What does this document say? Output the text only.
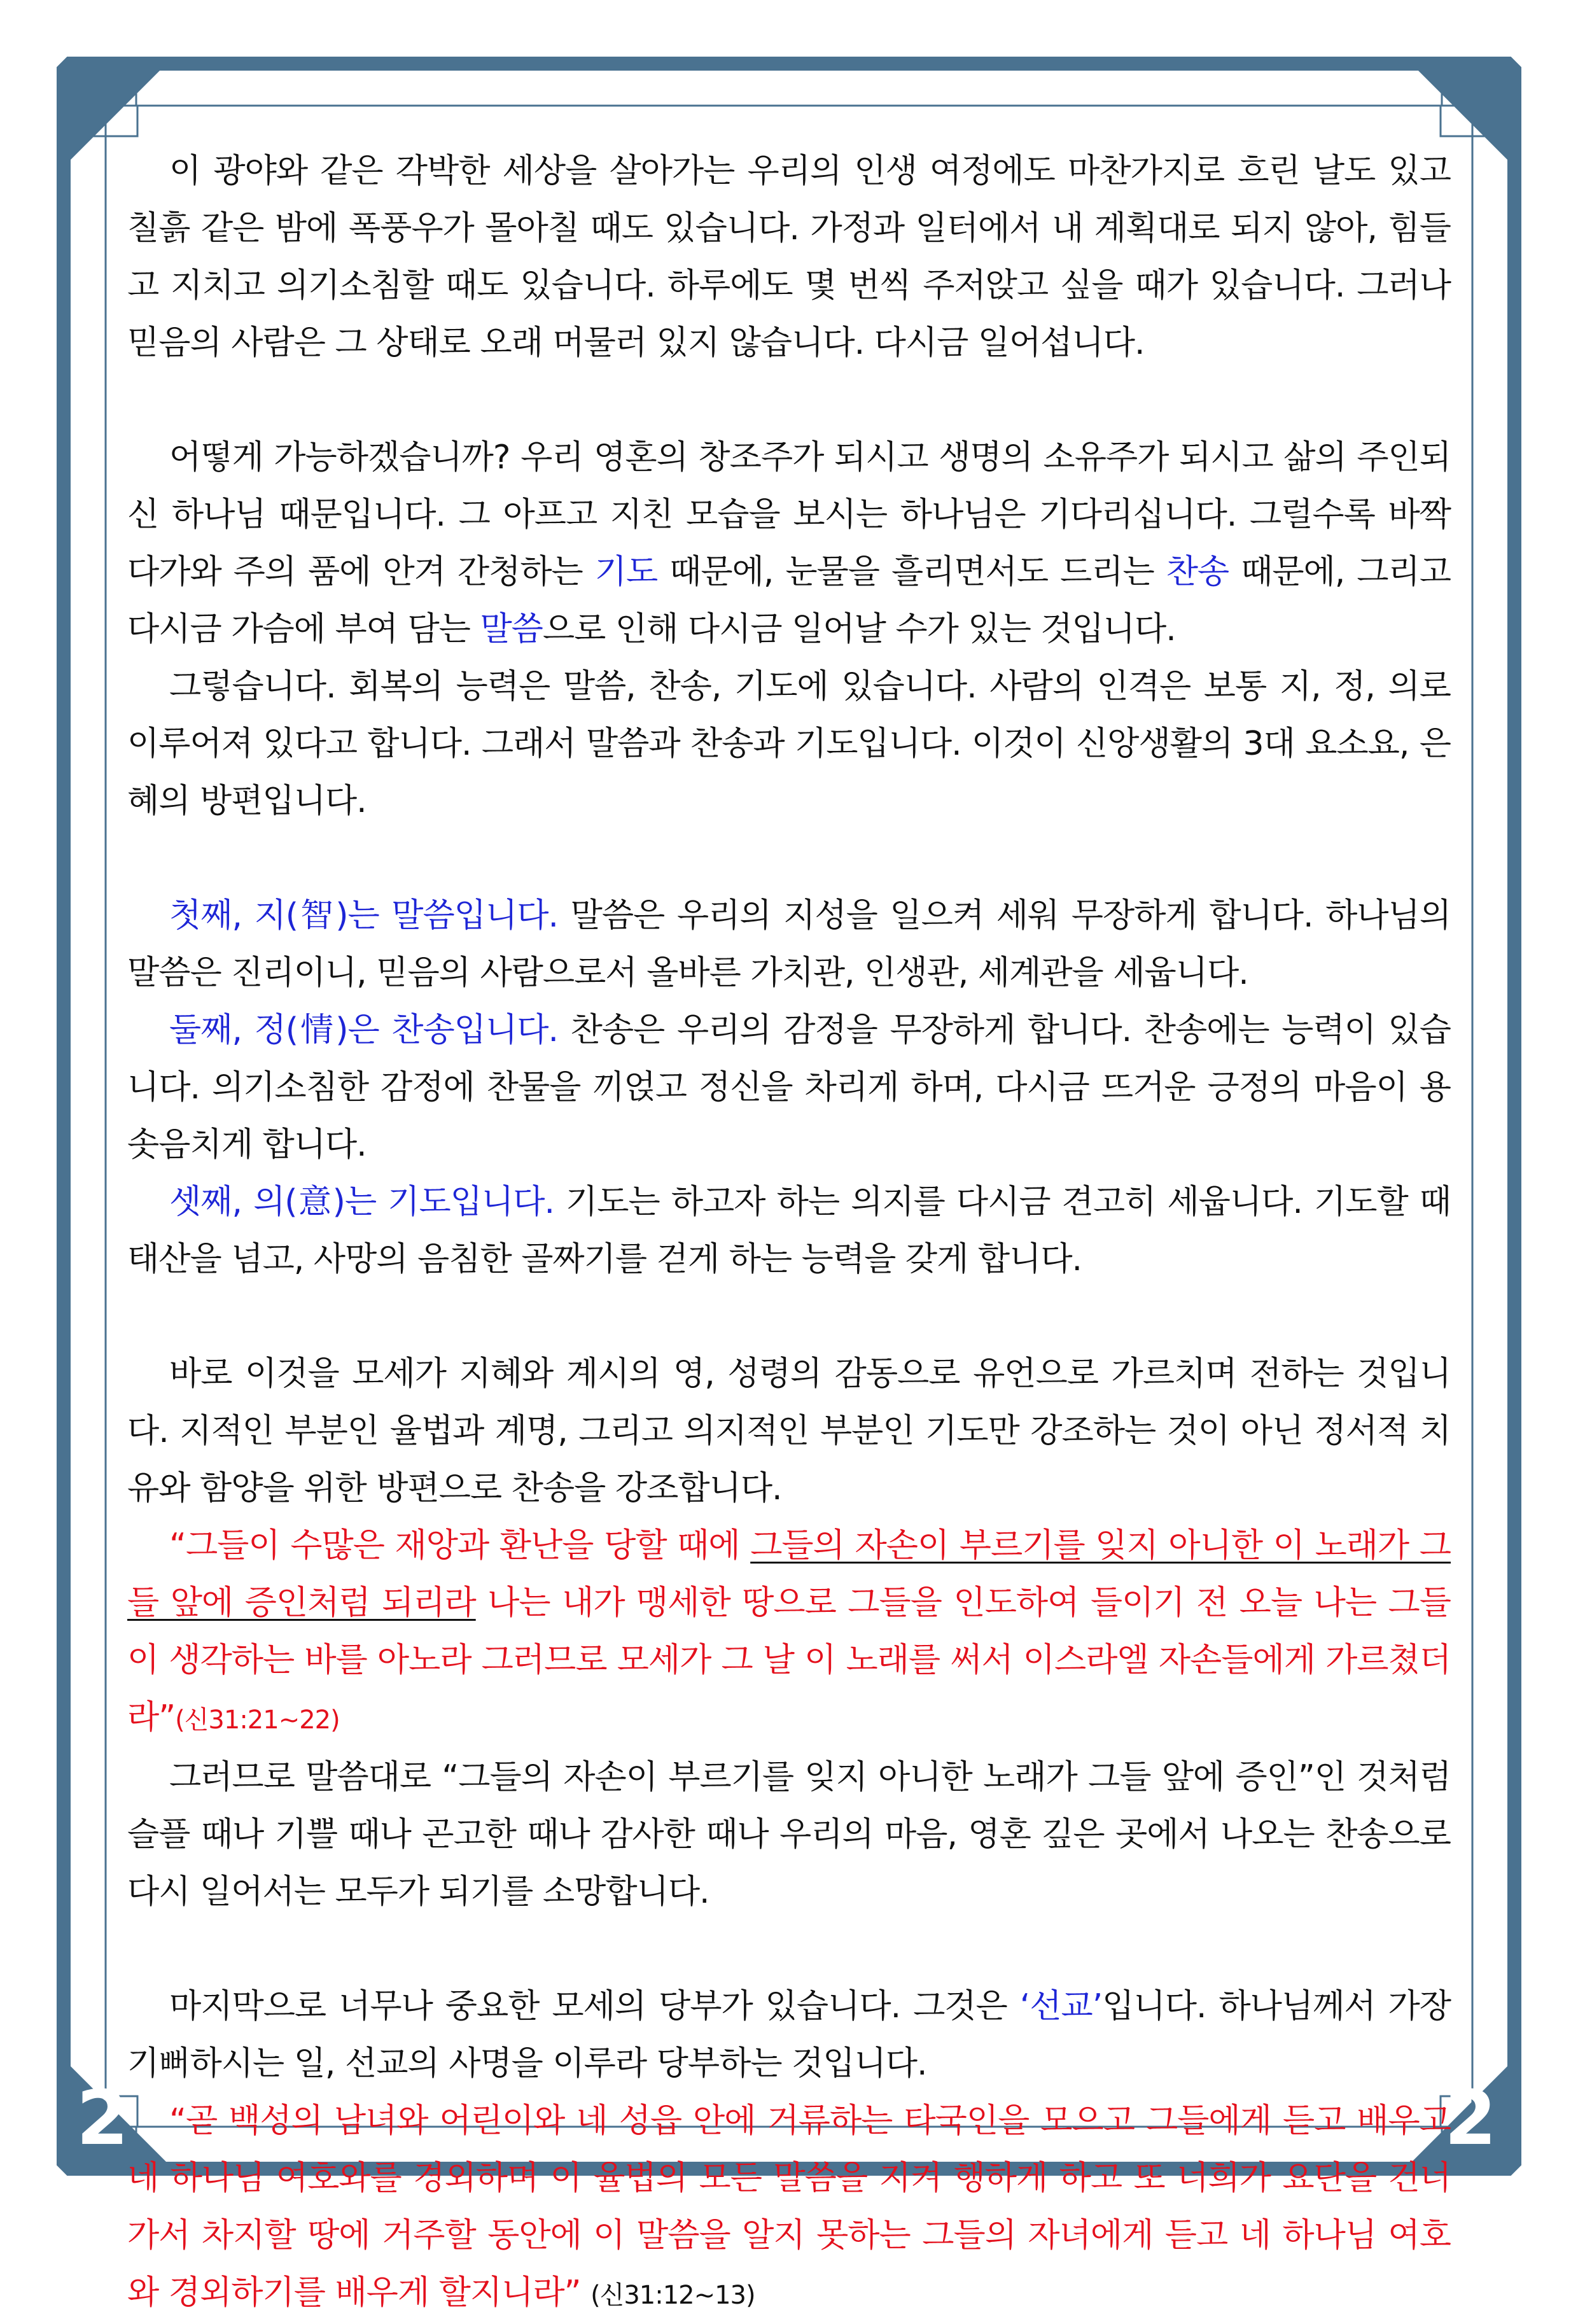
2	2

이 광야와 같은 각박한 세상을 살아가는 우리의 인생 여정에도 마찬가지로 흐린 날도 있고 칠흙 같은 밤에 폭풍우가 몰아칠 때도 있습니다. 가정과 일터에서 내 계획대로 되지 않아, 힘들고 지치고 의기소침할 때도 있습니다. 하루에도 몇 번씩 주저앉고 싶을 때가 있습니다. 그러나 믿음의 사람은 그 상태로 오래 머물러 있지 않습니다. 다시금 일어섭니다.

어떻게 가능하겠습니까? 우리 영혼의 창조주가 되시고 생명의 소유주가 되시고 삶의 주인되신 하나님 때문입니다. 그 아프고 지친 모습을 보시는 하나님은 기다리십니다. 그럴수록 바짝 다가와 주의 품에 안겨 간청하는 기도 때문에, 눈물을 흘리면서도 드리는 찬송 때문에, 그리고 다시금 가슴에 부여 담는 말씀으로 인해 다시금 일어날 수가 있는 것입니다.

그렇습니다. 회복의 능력은 말씀, 찬송, 기도에 있습니다. 사람의 인격은 보통 지, 정, 의로 이루어져 있다고 합니다. 그래서 말씀과 찬송과 기도입니다. 이것이 신앙생활의 3대 요소요, 은혜의 방편입니다.

첫째, 지(智)는 말씀입니다. 말씀은 우리의 지성을 일으켜 세워 무장하게 합니다. 하나님의 말씀은 진리이니, 믿음의 사람으로서 올바른 가치관, 인생관, 세계관을 세웁니다.

둘째, 정(情)은 찬송입니다. 찬송은 우리의 감정을 무장하게 합니다. 찬송에는 능력이 있습니다. 의기소침한 감정에 찬물을 끼얹고 정신을 차리게 하며, 다시금 뜨거운 긍정의 마음이 용솟음치게 합니다.

셋째, 의(意)는 기도입니다. 기도는 하고자 하는 의지를 다시금 견고히 세웁니다. 기도할 때 태산을 넘고, 사망의 음침한 골짜기를 걷게 하는 능력을 갖게 합니다.

바로 이것을 모세가 지혜와 계시의 영, 성령의 감동으로 유언으로 가르치며 전하는 것입니다. 지적인 부분인 율법과 계명, 그리고 의지적인 부분인 기도만 강조하는 것이 아닌 정서적 치유와 함양을 위한 방편으로 찬송을 강조합니다.

“그들이 수많은 재앙과 환난을 당할 때에 그들의 자손이 부르기를 잊지 아니한 이 노래가 그들 앞에 증인처럼 되리라 나는 내가 맹세한 땅으로 그들을 인도하여 들이기 전 오늘 나는 그들이 생각하는 바를 아노라 그러므로 모세가 그 날 이 노래를 써서 이스라엘 자손들에게 가르쳤더라”(신31:21~22)

그러므로 말씀대로 “그들의 자손이 부르기를 잊지 아니한 노래가 그들 앞에 증인”인 것처럼 슬플 때나 기쁠 때나 곤고한 때나 감사한 때나 우리의 마음, 영혼 깊은 곳에서 나오는 찬송으로 다시 일어서는 모두가 되기를 소망합니다.

마지막으로 너무나 중요한 모세의 당부가 있습니다. 그것은 ‘선교’입니다. 하나님께서 가장 기뻐하시는 일, 선교의 사명을 이루라 당부하는 것입니다.

“곧 백성의 남녀와 어린이와 네 성읍 안에 거류하는 타국인을 모으고 그들에게 듣고 배우고 네 하나님 여호와를 경외하며 이 율법의 모든 말씀을 지켜 행하게 하고 또 너희가 요단을 건너가서 차지할 땅에 거주할 동안에 이 말씀을 알지 못하는 그들의 자녀에게 듣고 네 하나님 여호와 경외하기를 배우게 할지니라” (신31:12~13)
